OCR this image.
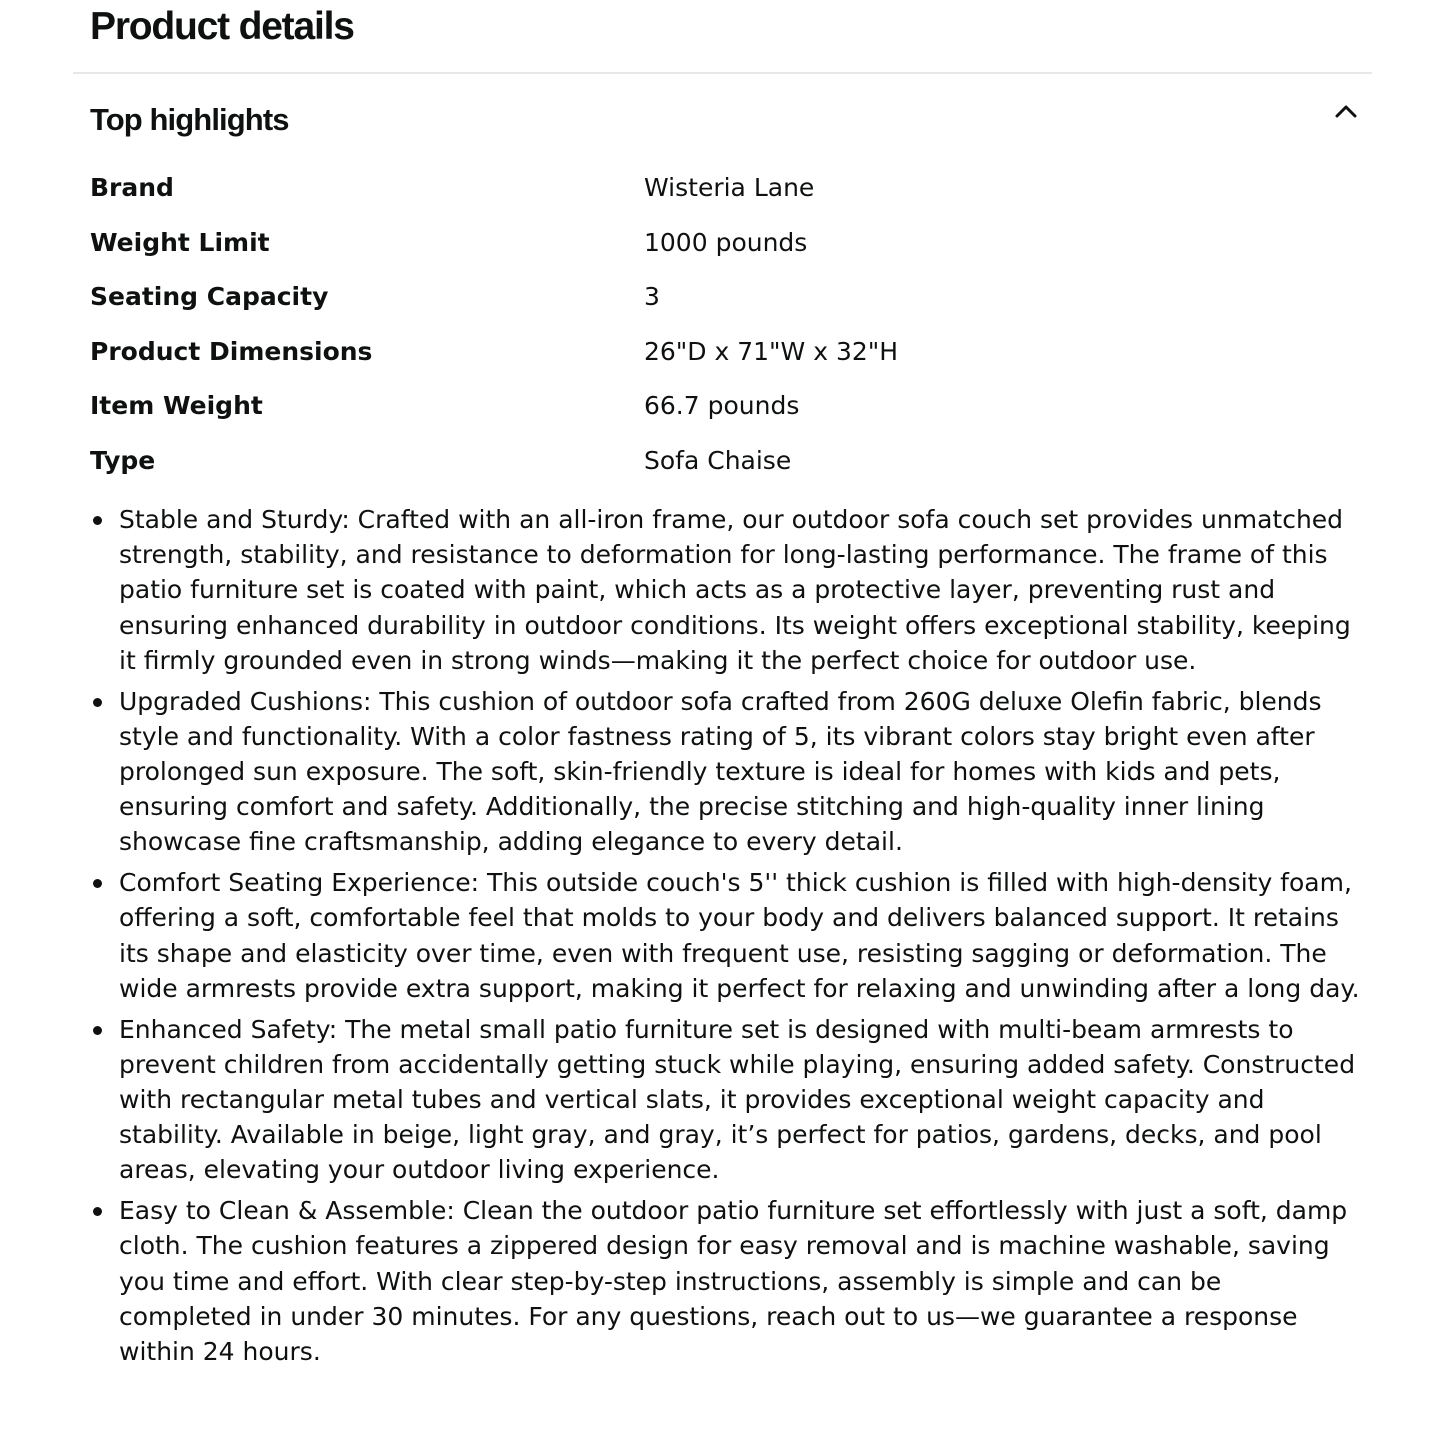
Product details
Top highlights
Brand	Wisteria Lane
Weight Limit	1000 pounds
Seating Capacity	3
Product Dimensions	26"D x 71"W x 32"H
Item Weight	66.7 pounds
Type	Sofa Chaise
Stable and Sturdy: Crafted with an all-iron frame, our outdoor sofa couch set provides unmatched strength, stability, and resistance to deformation for long-lasting performance. The frame of this patio furniture set is coated with paint, which acts as a protective layer, preventing rust and ensuring enhanced durability in outdoor conditions. Its weight offers exceptional stability, keeping it firmly grounded even in strong winds—making it the perfect choice for outdoor use.
Upgraded Cushions: This cushion of outdoor sofa crafted from 260G deluxe Olefin fabric, blends style and functionality. With a color fastness rating of 5, its vibrant colors stay bright even after prolonged sun exposure. The soft, skin-friendly texture is ideal for homes with kids and pets, ensuring comfort and safety. Additionally, the precise stitching and high-quality inner lining showcase fine craftsmanship, adding elegance to every detail.
Comfort Seating Experience: This outside couch's 5'' thick cushion is filled with high-density foam, offering a soft, comfortable feel that molds to your body and delivers balanced support. It retains its shape and elasticity over time, even with frequent use, resisting sagging or deformation. The wide armrests provide extra support, making it perfect for relaxing and unwinding after a long day.
Enhanced Safety: The metal small patio furniture set is designed with multi-beam armrests to prevent children from accidentally getting stuck while playing, ensuring added safety. Constructed with rectangular metal tubes and vertical slats, it provides exceptional weight capacity and stability. Available in beige, light gray, and gray, it’s perfect for patios, gardens, decks, and pool areas, elevating your outdoor living experience.
Easy to Clean & Assemble: Clean the outdoor patio furniture set effortlessly with just a soft, damp cloth. The cushion features a zippered design for easy removal and is machine washable, saving you time and effort. With clear step-by-step instructions, assembly is simple and can be completed in under 30 minutes. For any questions, reach out to us—we guarantee a response within 24 hours.
